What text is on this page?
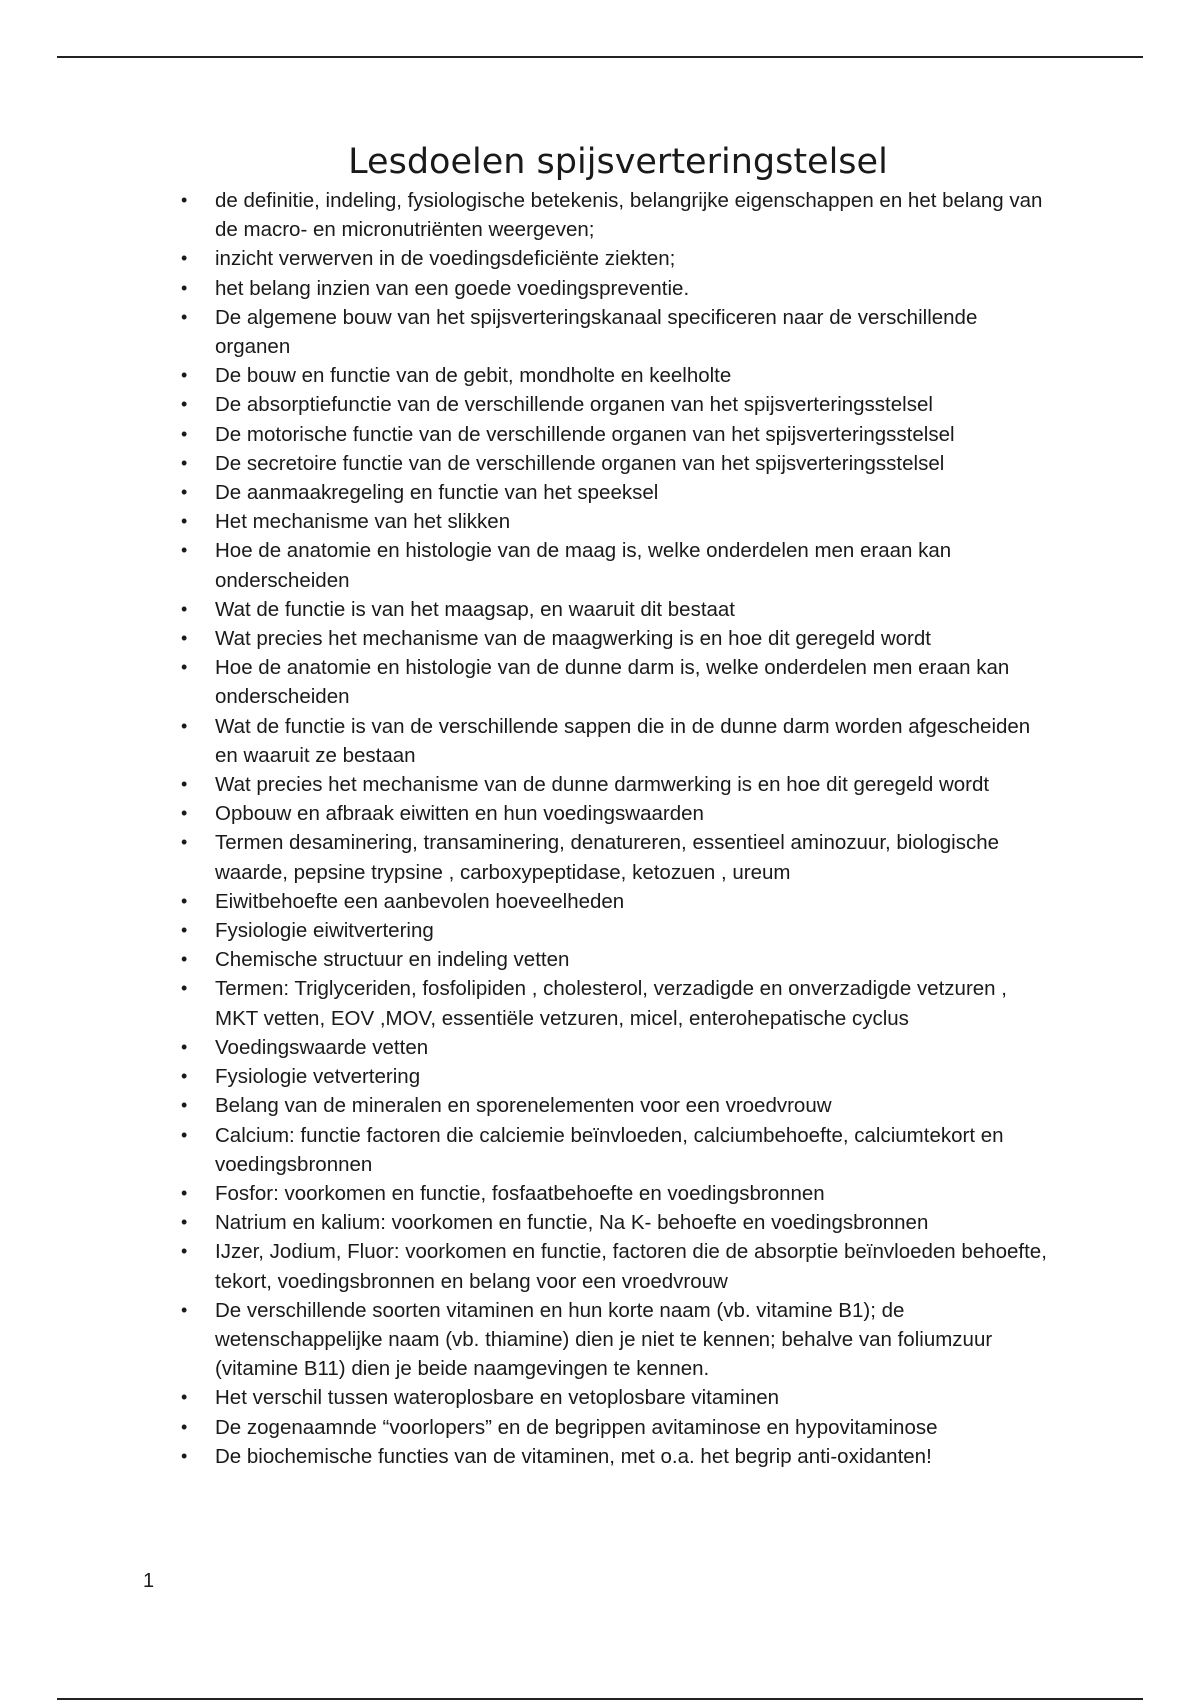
Lesdoelen spijsverteringstelsel
• de definitie, indeling, fysiologische betekenis, belangrijke eigenschappen en het belang van de macro- en micronutriënten weergeven;
• inzicht verwerven in de voedingsdeficiënte ziekten;
• het belang inzien van een goede voedingspreventie.
• De algemene bouw van het spijsverteringskanaal specificeren naar de verschillende organen
• De bouw en functie van de gebit, mondholte en keelholte
• De absorptiefunctie van de verschillende organen van het spijsverteringsstelsel
• De motorische functie van de verschillende organen van het spijsverteringsstelsel
• De secretoire functie van de verschillende organen van het spijsverteringsstelsel
• De aanmaakregeling en functie van het speeksel
• Het mechanisme van het slikken
• Hoe de anatomie en histologie van de maag is, welke onderdelen men eraan kan onderscheiden
• Wat de functie is van het maagsap, en waaruit dit bestaat
• Wat precies het mechanisme van de maagwerking is en hoe dit geregeld wordt
• Hoe de anatomie en histologie van de dunne darm is, welke onderdelen men eraan kan onderscheiden
• Wat de functie is van de verschillende sappen die in de dunne darm worden afgescheiden en waaruit ze bestaan
• Wat precies het mechanisme van de dunne darmwerking is en hoe dit geregeld wordt
• Opbouw en afbraak eiwitten en hun voedingswaarden
• Termen desaminering, transaminering, denatureren, essentieel aminozuur, biologische waarde, pepsine trypsine , carboxypeptidase, ketozuen , ureum
• Eiwitbehoefte een aanbevolen hoeveelheden
• Fysiologie eiwitvertering
• Chemische structuur en indeling vetten
• Termen: Triglyceriden, fosfolipiden , cholesterol, verzadigde en onverzadigde vetzuren , MKT vetten, EOV ,MOV, essentiële vetzuren, micel, enterohepatische cyclus
• Voedingswaarde vetten
• Fysiologie vetvertering
• Belang van de mineralen en sporenelementen voor een vroedvrouw
• Calcium: functie factoren die calciemie beïnvloeden, calciumbehoefte, calciumtekort en voedingsbronnen
• Fosfor: voorkomen en functie, fosfaatbehoefte en voedingsbronnen
• Natrium en kalium: voorkomen en functie, Na K- behoefte en voedingsbronnen
• IJzer, Jodium, Fluor: voorkomen en functie, factoren die de absorptie beïnvloeden behoefte, tekort, voedingsbronnen en belang voor een vroedvrouw
• De verschillende soorten vitaminen en hun korte naam (vb. vitamine B1); de wetenschappelijke naam (vb. thiamine) dien je niet te kennen; behalve van foliumzuur (vitamine B11) dien je beide naamgevingen te kennen.
• Het verschil tussen wateroplosbare en vetoplosbare vitaminen
• De zogenaamnde “voorlopers” en de begrippen avitaminose en hypovitaminose
• De biochemische functies van de vitaminen, met o.a. het begrip anti-oxidanten!
1
